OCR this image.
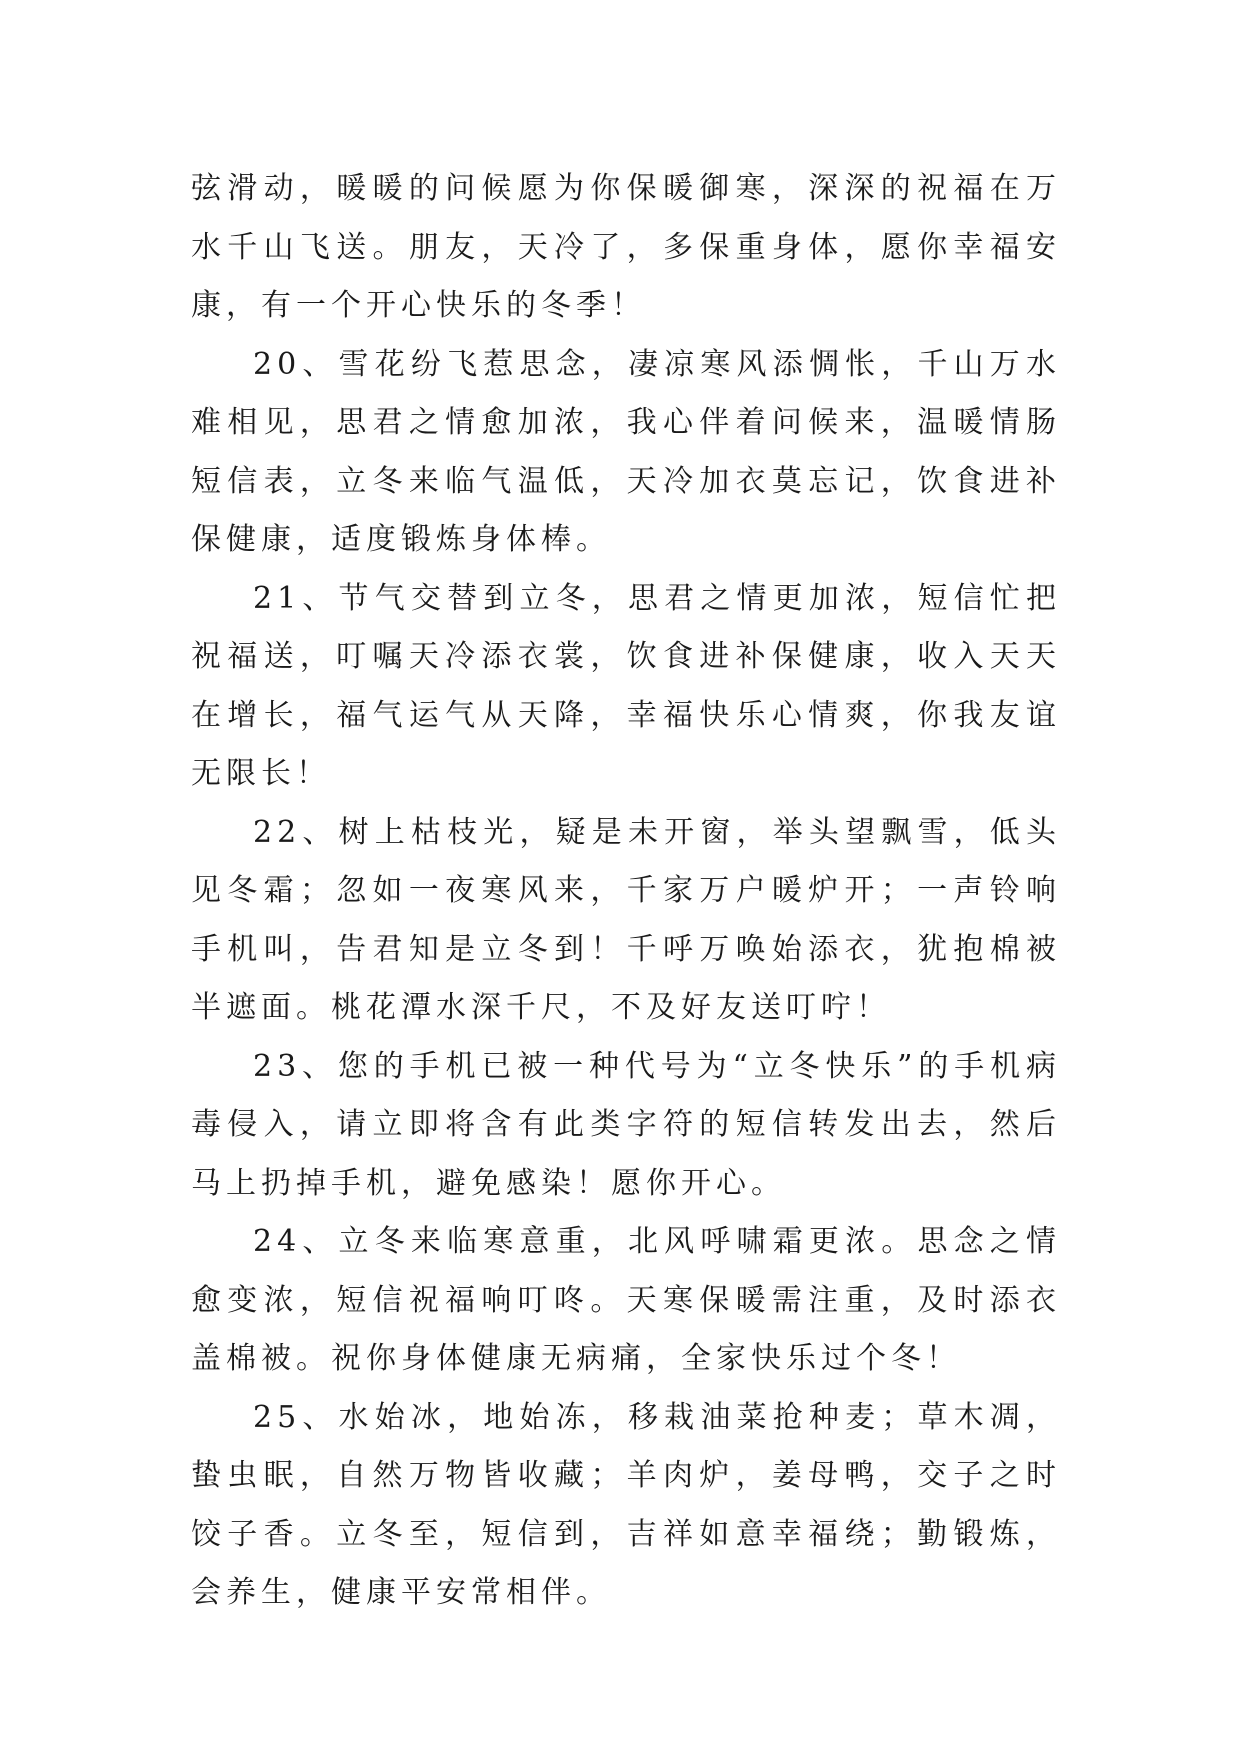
弦滑动，暖暖的问候愿为你保暖御寒，深深的祝福在万水千山飞送。朋友，天冷了，多保重身体，愿你幸福安康，有一个开心快乐的冬季！

20、雪花纷飞惹思念，凄凉寒风添惆怅，千山万水难相见，思君之情愈加浓，我心伴着问候来，温暖情肠短信表，立冬来临气温低，天冷加衣莫忘记，饮食进补保健康，适度锻炼身体棒。

21、节气交替到立冬，思君之情更加浓，短信忙把祝福送，叮嘱天冷添衣裳，饮食进补保健康，收入天天在增长，福气运气从天降，幸福快乐心情爽，你我友谊无限长！

22、树上枯枝光，疑是未开窗，举头望飘雪，低头见冬霜；忽如一夜寒风来，千家万户暖炉开；一声铃响手机叫，告君知是立冬到！千呼万唤始添衣，犹抱棉被半遮面。桃花潭水深千尺，不及好友送叮咛！

23、您的手机已被一种代号为“立冬快乐”的手机病毒侵入，请立即将含有此类字符的短信转发出去，然后马上扔掉手机，避免感染！愿你开心。

24、立冬来临寒意重，北风呼啸霜更浓。思念之情愈变浓，短信祝福响叮咚。天寒保暖需注重，及时添衣盖棉被。祝你身体健康无病痛，全家快乐过个冬！

25、水始冰，地始冻，移栽油菜抢种麦；草木凋，蛰虫眠，自然万物皆收藏；羊肉炉，姜母鸭，交子之时饺子香。立冬至，短信到，吉祥如意幸福绕；勤锻炼，会养生，健康平安常相伴。
